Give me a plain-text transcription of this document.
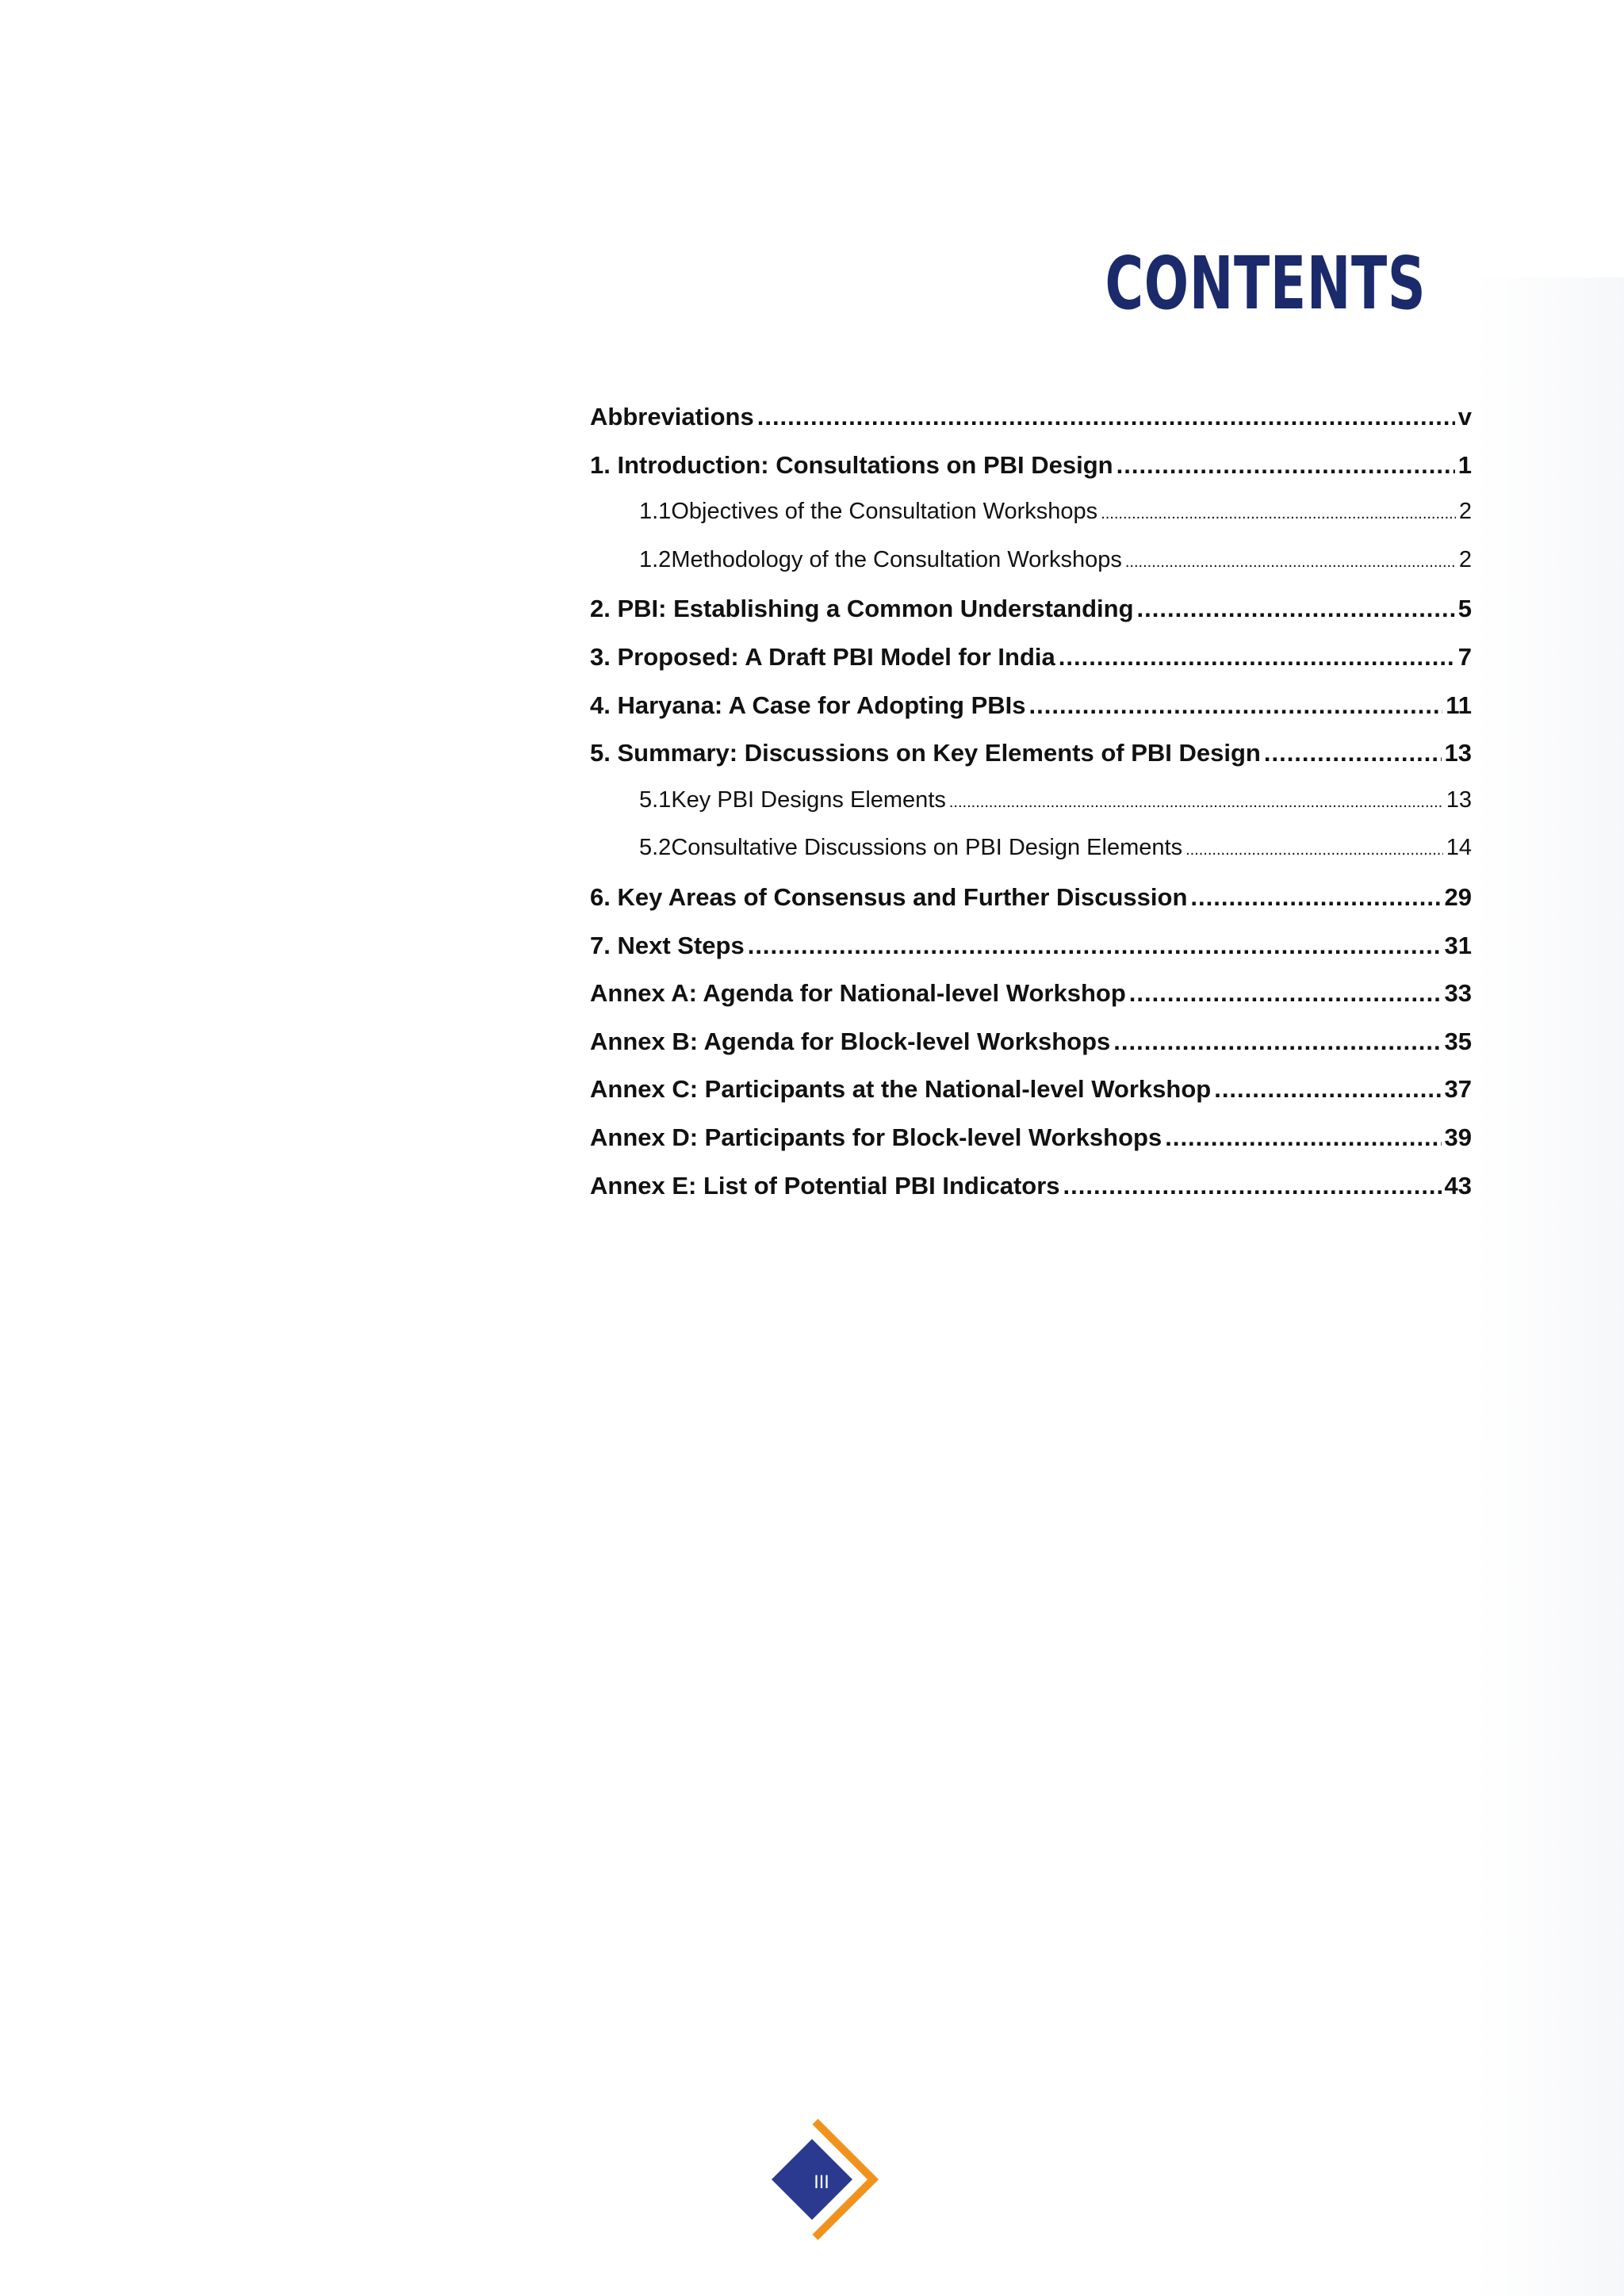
CONTENTS
Abbreviations .....	v
1. Introduction: Consultations on PBI Design .....	1
1.1 Objectives of the Consultation Workshops .....	2
1.2 Methodology of the Consultation Workshops .....	2
2. PBI: Establishing a Common Understanding .....	5
3. Proposed: A Draft PBI Model for India .....	7
4. Haryana: A Case for Adopting PBIs .....	11
5. Summary: Discussions on Key Elements of PBI Design .....	13
5.1 Key PBI Designs Elements .....	13
5.2 Consultative Discussions on PBI Design Elements .....	14
6. Key Areas of Consensus and Further Discussion .....	29
7. Next Steps .....	31
Annex A: Agenda for National-level Workshop .....	33
Annex B: Agenda for Block-level Workshops .....	35
Annex C: Participants at the National-level Workshop .....	37
Annex D: Participants for Block-level Workshops .....	39
Annex E: List of Potential PBI Indicators .....	43
III
